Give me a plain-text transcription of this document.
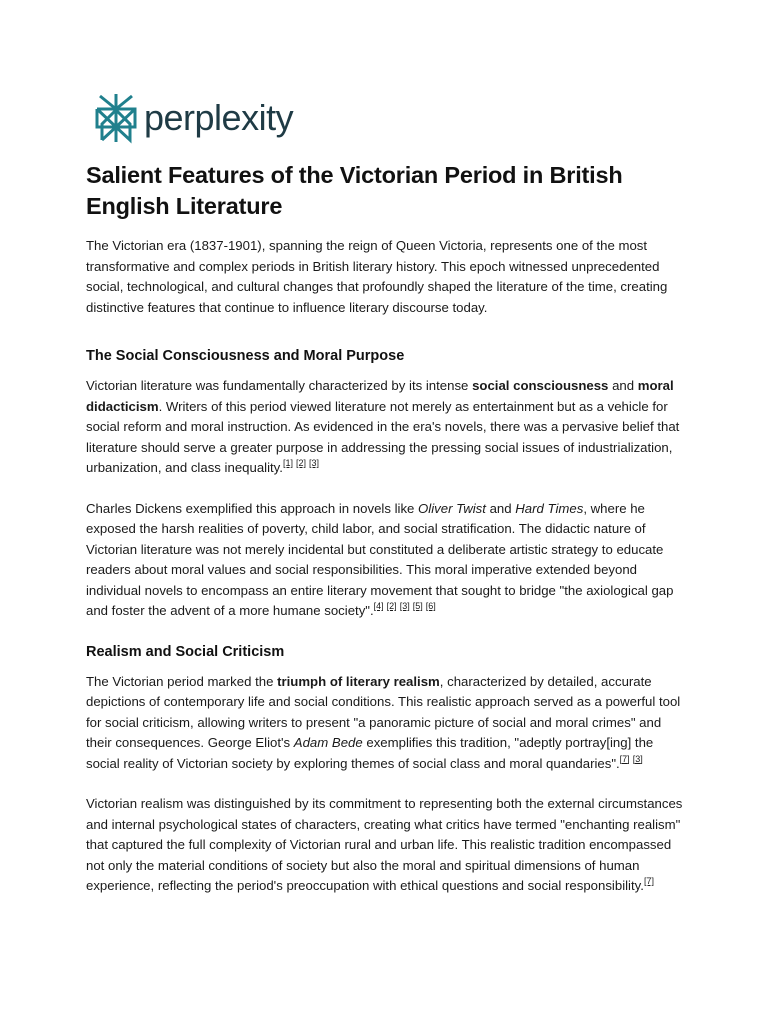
perplexity
Salient Features of the Victorian Period in British English Literature

The Victorian era (1837-1901), spanning the reign of Queen Victoria, represents one of the most transformative and complex periods in British literary history. This epoch witnessed unprecedented social, technological, and cultural changes that profoundly shaped the literature of the time, creating distinctive features that continue to influence literary discourse today.

The Social Consciousness and Moral Purpose

Victorian literature was fundamentally characterized by its intense social consciousness and moral didacticism. Writers of this period viewed literature not merely as entertainment but as a vehicle for social reform and moral instruction. As evidenced in the era's novels, there was a pervasive belief that literature should serve a greater purpose in addressing the pressing social issues of industrialization, urbanization, and class inequality.[1] [2] [3]

Charles Dickens exemplified this approach in novels like Oliver Twist and Hard Times, where he exposed the harsh realities of poverty, child labor, and social stratification. The didactic nature of Victorian literature was not merely incidental but constituted a deliberate artistic strategy to educate readers about moral values and social responsibilities. This moral imperative extended beyond individual novels to encompass an entire literary movement that sought to bridge "the axiological gap and foster the advent of a more humane society".[4] [2] [3] [5] [6]

Realism and Social Criticism

The Victorian period marked the triumph of literary realism, characterized by detailed, accurate depictions of contemporary life and social conditions. This realistic approach served as a powerful tool for social criticism, allowing writers to present "a panoramic picture of social and moral crimes" and their consequences. George Eliot's Adam Bede exemplifies this tradition, "adeptly portray[ing] the social reality of Victorian society by exploring themes of social class and moral quandaries".[7] [3]

Victorian realism was distinguished by its commitment to representing both the external circumstances and internal psychological states of characters, creating what critics have termed "enchanting realism" that captured the full complexity of Victorian rural and urban life. This realistic tradition encompassed not only the material conditions of society but also the moral and spiritual dimensions of human experience, reflecting the period's preoccupation with ethical questions and social responsibility.[7]
